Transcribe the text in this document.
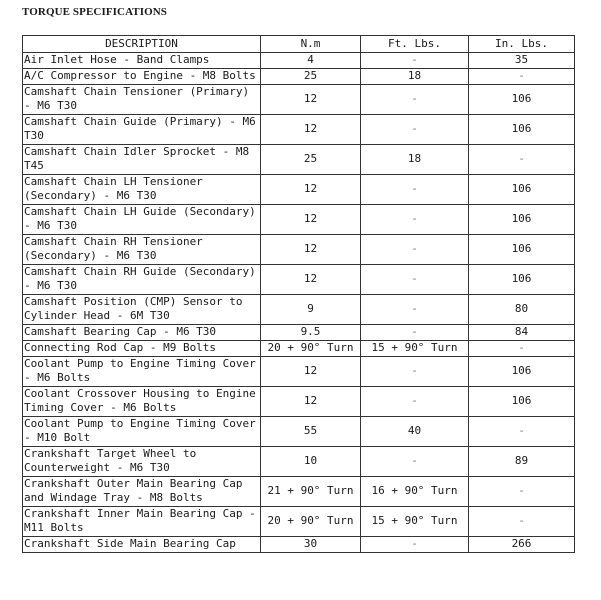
TORQUE SPECIFICATIONS
DESCRIPTION	N.m	Ft. Lbs.	In. Lbs.
Air Inlet Hose - Band Clamps	4	-	35
A/C Compressor to Engine - M8 Bolts	25	18	-
Camshaft Chain Tensioner (Primary) - M6 T30	12	-	106
Camshaft Chain Guide (Primary) - M6 T30	12	-	106
Camshaft Chain Idler Sprocket - M8 T45	25	18	-
Camshaft Chain LH Tensioner (Secondary) - M6 T30	12	-	106
Camshaft Chain LH Guide (Secondary) - M6 T30	12	-	106
Camshaft Chain RH Tensioner (Secondary) - M6 T30	12	-	106
Camshaft Chain RH Guide (Secondary) - M6 T30	12	-	106
Camshaft Position (CMP) Sensor to Cylinder Head - 6M T30	9	-	80
Camshaft Bearing Cap - M6 T30	9.5	-	84
Connecting Rod Cap - M9 Bolts	20 + 90° Turn	15 + 90° Turn	-
Coolant Pump to Engine Timing Cover - M6 Bolts	12	-	106
Coolant Crossover Housing to Engine Timing Cover - M6 Bolts	12	-	106
Coolant Pump to Engine Timing Cover - M10 Bolt	55	40	-
Crankshaft Target Wheel to Counterweight - M6 T30	10	-	89
Crankshaft Outer Main Bearing Cap and Windage Tray - M8 Bolts	21 + 90° Turn	16 + 90° Turn	-
Crankshaft Inner Main Bearing Cap - M11 Bolts	20 + 90° Turn	15 + 90° Turn	-
Crankshaft Side Main Bearing Cap	30	-	266
